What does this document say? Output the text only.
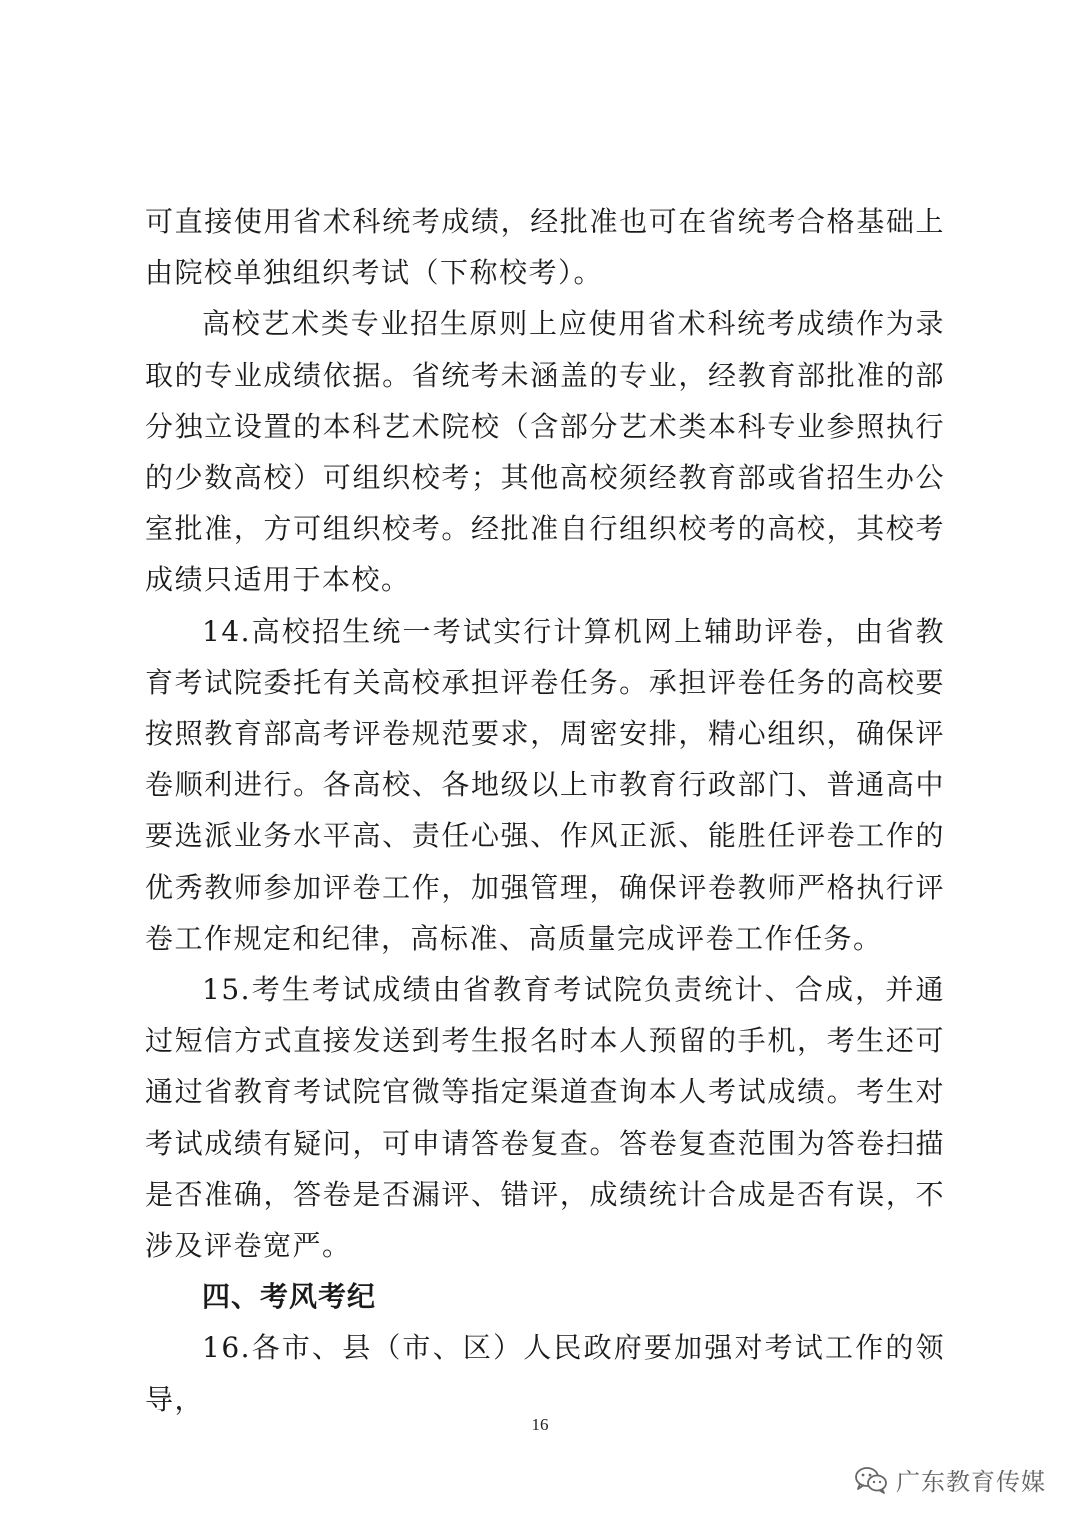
可直接使用省术科统考成绩，经批准也可在省统考合格基础上由院校单独组织考试（下称校考）。

高校艺术类专业招生原则上应使用省术科统考成绩作为录取的专业成绩依据。省统考未涵盖的专业，经教育部批准的部分独立设置的本科艺术院校（含部分艺术类本科专业参照执行的少数高校）可组织校考；其他高校须经教育部或省招生办公室批准，方可组织校考。经批准自行组织校考的高校，其校考成绩只适用于本校。

14.高校招生统一考试实行计算机网上辅助评卷，由省教育考试院委托有关高校承担评卷任务。承担评卷任务的高校要按照教育部高考评卷规范要求，周密安排，精心组织，确保评卷顺利进行。各高校、各地级以上市教育行政部门、普通高中要选派业务水平高、责任心强、作风正派、能胜任评卷工作的优秀教师参加评卷工作，加强管理，确保评卷教师严格执行评卷工作规定和纪律，高标准、高质量完成评卷工作任务。

15.考生考试成绩由省教育考试院负责统计、合成，并通过短信方式直接发送到考生报名时本人预留的手机，考生还可通过省教育考试院官微等指定渠道查询本人考试成绩。考生对考试成绩有疑问，可申请答卷复查。答卷复查范围为答卷扫描是否准确，答卷是否漏评、错评，成绩统计合成是否有误，不涉及评卷宽严。

四、考风考纪

16.各市、县（市、区）人民政府要加强对考试工作的领导，

16
广东教育传媒
